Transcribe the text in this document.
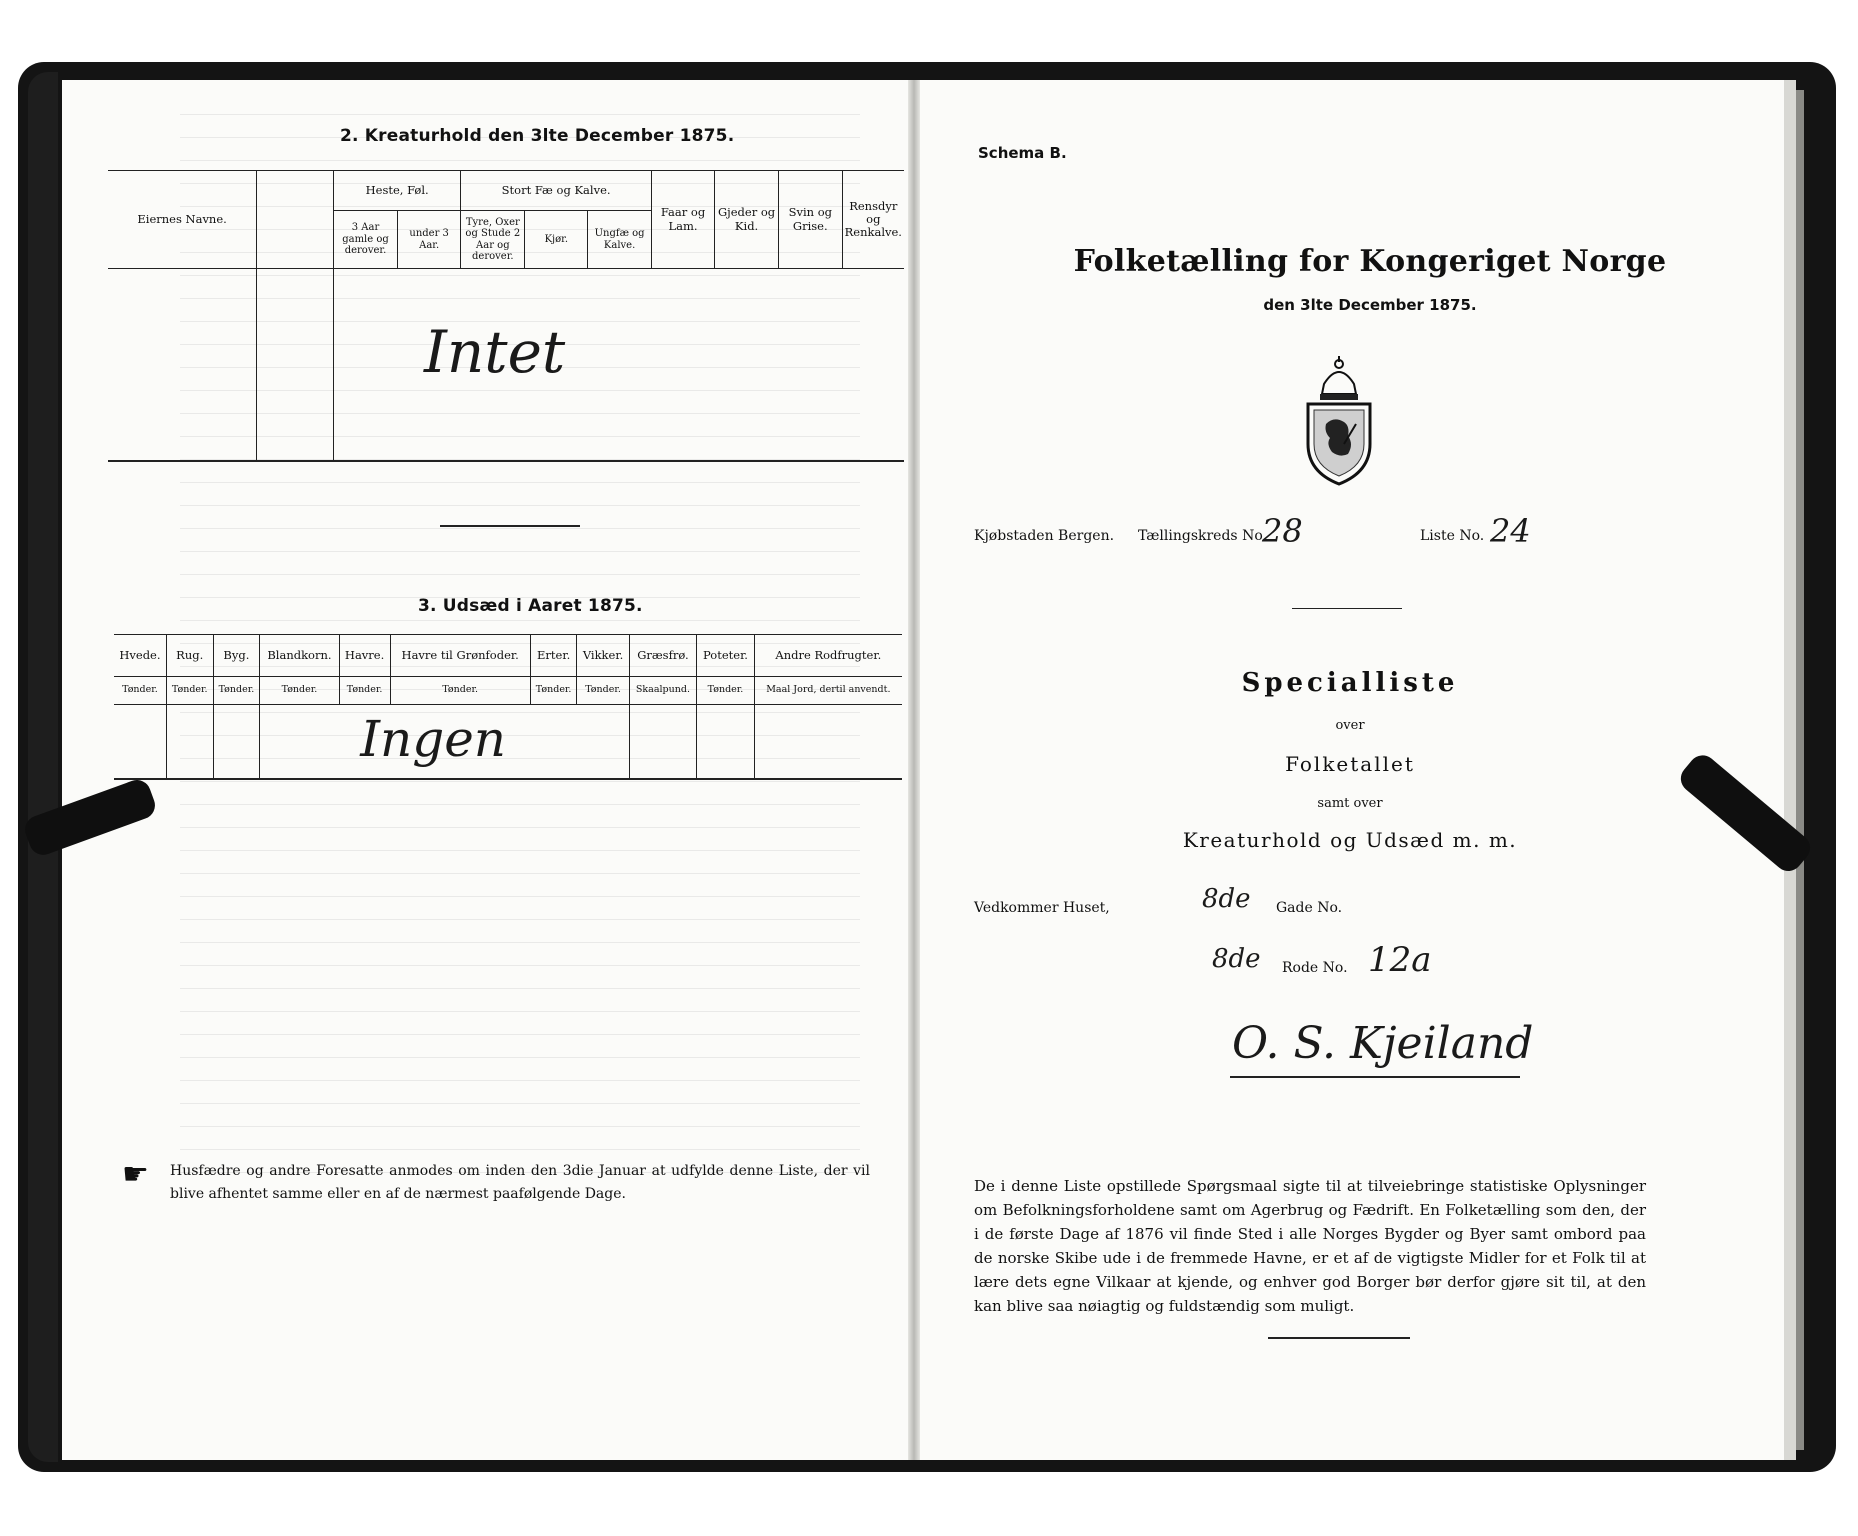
2. Kreaturhold den 3lte December 1875.
Eiernes Navne.		Heste, Føl.		Stort Fæ og Kalve.			Faar og Lam.	Gjeder og Kid.	Svin og Grise.	Rensdyr og Renkalve.
		3 Aar gamle og derover.	under 3 Aar.	Tyre, Oxer og Stude 2 Aar og derover.	Kjør.	Ungfæ og Kalve.				

		Intet								
3. Udsæd i Aaret 1875.
Hvede.	Rug.	Byg.	Blandkorn.	Havre.	Havre til Grønfoder.	Erter.	Vikker.	Græsfrø.	Poteter.	Andre Rodfrugter.
Tønder.	Tønder.	Tønder.	Tønder.	Tønder.	Tønder.	Tønder.	Tønder.	Skaalpund.	Tønder.	Maal Jord, dertil anvendt.

			Ingen							

☛ Husfædre og andre Foresatte anmodes om inden den 3die Januar at udfylde denne Liste, der vil blive afhentet samme eller en af de nærmest paafølgende Dage.
Schema B.
Folketælling for Kongeriget Norge
den 3lte December 1875.
Kjøbstaden Bergen. Tællingskreds No.
28	Liste No. 24
Specialliste
over
Folketallet
samt over
Kreaturhold og Udsæd m. m.
Vedkommer Huset,	8de Gade No.
8de Rode No. 12a
O. S. Kjeiland
De i denne Liste opstillede Spørgsmaal sigte til at tilveiebringe statistiske Oplysninger om Befolkningsforholdene samt om Agerbrug og Fædrift. En Folketælling som den, der i de første Dage af 1876 vil finde Sted i alle Norges Bygder og Byer samt ombord paa de norske Skibe ude i de fremmede Havne, er et af de vigtigste Midler for et Folk til at lære dets egne Vilkaar at kjende, og enhver god Borger bør derfor gjøre sit til, at den kan blive saa nøiagtig og fuldstændig som muligt.
